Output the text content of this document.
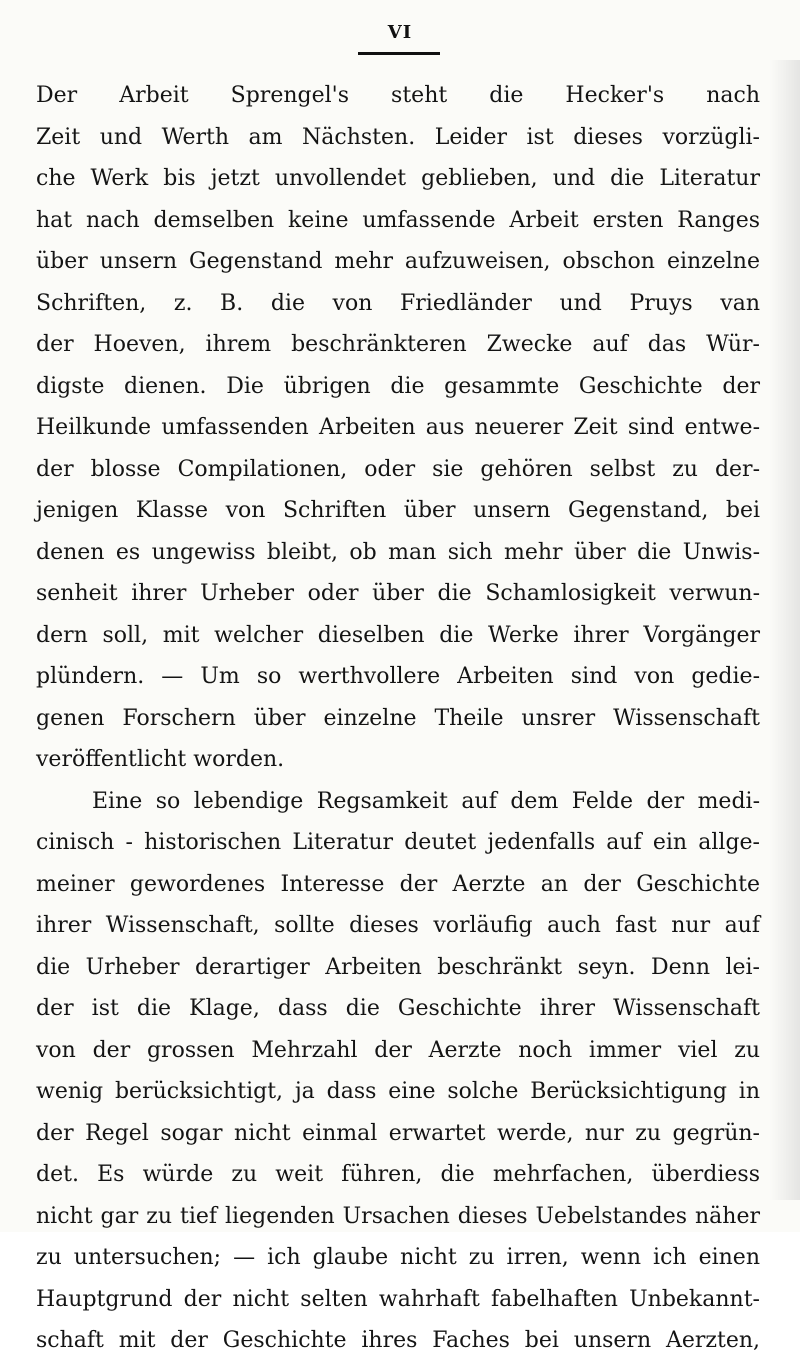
VI
Der Arbeit Sprengel's steht die Hecker's nach
Zeit und Werth am Nächsten. Leider ist dieses vorzügli-
che Werk bis jetzt unvollendet geblieben, und die Literatur
hat nach demselben keine umfassende Arbeit ersten Ranges
über unsern Gegenstand mehr aufzuweisen, obschon einzelne
Schriften, z. B. die von Friedländer und Pruys van
der Hoeven, ihrem beschränkteren Zwecke auf das Wür-
digste dienen. Die übrigen die gesammte Geschichte der
Heilkunde umfassenden Arbeiten aus neuerer Zeit sind entwe-
der blosse Compilationen, oder sie gehören selbst zu der-
jenigen Klasse von Schriften über unsern Gegenstand, bei
denen es ungewiss bleibt, ob man sich mehr über die Unwis-
senheit ihrer Urheber oder über die Schamlosigkeit verwun-
dern soll, mit welcher dieselben die Werke ihrer Vorgänger
plündern. — Um so werthvollere Arbeiten sind von gedie-
genen Forschern über einzelne Theile unsrer Wissenschaft
veröffentlicht worden.
Eine so lebendige Regsamkeit auf dem Felde der medi-
cinisch - historischen Literatur deutet jedenfalls auf ein allge-
meiner gewordenes Interesse der Aerzte an der Geschichte
ihrer Wissenschaft, sollte dieses vorläufig auch fast nur auf
die Urheber derartiger Arbeiten beschränkt seyn. Denn lei-
der ist die Klage, dass die Geschichte ihrer Wissenschaft
von der grossen Mehrzahl der Aerzte noch immer viel zu
wenig berücksichtigt, ja dass eine solche Berücksichtigung in
der Regel sogar nicht einmal erwartet werde, nur zu gegrün-
det. Es würde zu weit führen, die mehrfachen, überdiess
nicht gar zu tief liegenden Ursachen dieses Uebelstandes näher
zu untersuchen; — ich glaube nicht zu irren, wenn ich einen
Hauptgrund der nicht selten wahrhaft fabelhaften Unbekannt-
schaft mit der Geschichte ihres Faches bei unsern Aerzten,
